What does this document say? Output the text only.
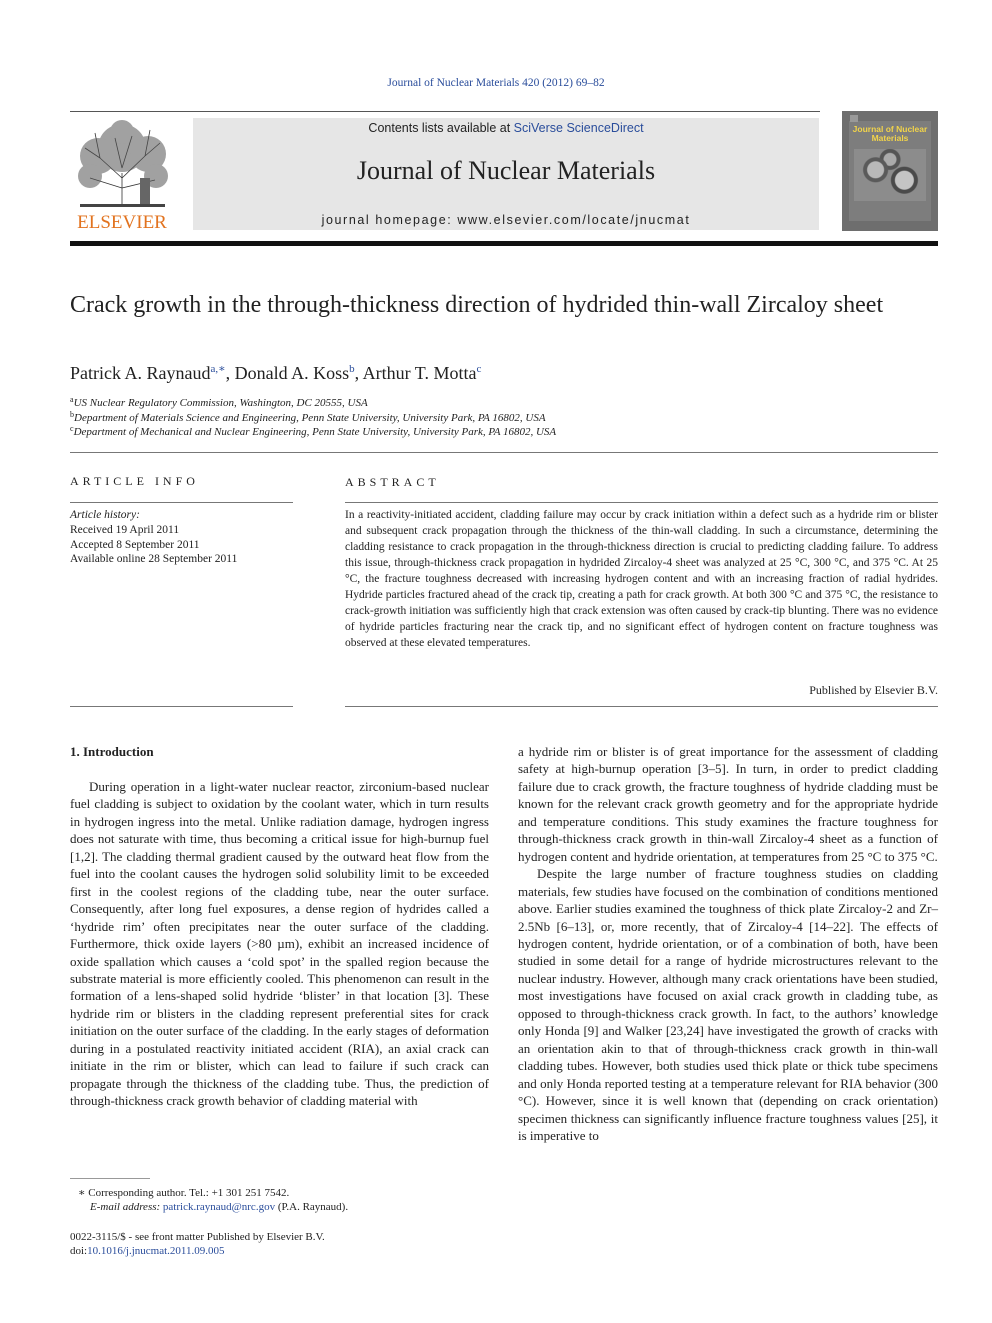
Journal of Nuclear Materials 420 (2012) 69–82
ELSEVIER
Contents lists available at SciVerse ScienceDirect
Journal of Nuclear Materials
journal homepage: www.elsevier.com/locate/jnucmat
Journal of Nuclear Materials
Crack growth in the through-thickness direction of hydrided thin-wall Zircaloy sheet
Patrick A. Raynaud$^{a,∗}$, Donald A. Koss$^b$, Arthur T. Motta$^c$
$^a$US Nuclear Regulatory Commission, Washington, DC 20555, USA
$^b$Department of Materials Science and Engineering, Penn State University, University Park, PA 16802, USA
$^c$Department of Mechanical and Nuclear Engineering, Penn State University, University Park, PA 16802, USA
ARTICLE INFO
Article history:
Received 19 April 2011
Accepted 8 September 2011
Available online 28 September 2011
ABSTRACT
In a reactivity-initiated accident, cladding failure may occur by crack initiation within a defect such as a hydride rim or blister and subsequent crack propagation through the thickness of the thin-wall cladding. In such a circumstance, determining the cladding resistance to crack propagation in the through-thickness direction is crucial to predicting cladding failure. To address this issue, through-thickness crack propagation in hydrided Zircaloy-4 sheet was analyzed at 25 °C, 300 °C, and 375 °C. At 25 °C, the fracture toughness decreased with increasing hydrogen content and with an increasing fraction of radial hydrides. Hydride particles fractured ahead of the crack tip, creating a path for crack growth. At both 300 °C and 375 °C, the resistance to crack-growth initiation was sufficiently high that crack extension was often caused by crack-tip blunting. There was no evidence of hydride particles fracturing near the crack tip, and no significant effect of hydrogen content on fracture toughness was observed at these elevated temperatures.
Published by Elsevier B.V.
1. Introduction

During operation in a light-water nuclear reactor, zirconium-based nuclear fuel cladding is subject to oxidation by the coolant water, which in turn results in hydrogen ingress into the metal. Unlike radiation damage, hydrogen ingress does not saturate with time, thus becoming a critical issue for high-burnup fuel [1,2]. The cladding thermal gradient caused by the outward heat flow from the fuel into the coolant causes the hydrogen solid solubility limit to be exceeded first in the coolest regions of the cladding tube, near the outer surface. Consequently, after long fuel exposures, a dense region of hydrides called a ‘hydride rim’ often precipitates near the outer surface of the cladding. Furthermore, thick oxide layers (>80 µm), exhibit an increased incidence of oxide spallation which causes a ‘cold spot’ in the spalled region because the substrate material is more efficiently cooled. This phenomenon can result in the formation of a lens-shaped solid hydride ‘blister’ in that location [3]. These hydride rim or blisters in the cladding represent preferential sites for crack initiation on the outer surface of the cladding. In the early stages of deformation during in a postulated reactivity initiated accident (RIA), an axial crack can initiate in the rim or blister, which can lead to failure if such crack can propagate through the thickness of the cladding tube. Thus, the prediction of through-thickness crack growth behavior of cladding material with

a hydride rim or blister is of great importance for the assessment of cladding safety at high-burnup operation [3–5]. In turn, in order to predict cladding failure due to crack growth, the fracture toughness of hydride cladding must be known for the relevant crack growth geometry and for the appropriate hydride and temperature conditions. This study examines the fracture toughness for through-thickness crack growth in thin-wall Zircaloy-4 sheet as a function of hydrogen content and hydride orientation, at temperatures from 25 °C to 375 °C.

Despite the large number of fracture toughness studies on cladding materials, few studies have focused on the combination of conditions mentioned above. Earlier studies examined the toughness of thick plate Zircaloy-2 and Zr–2.5Nb [6–13], or, more recently, that of Zircaloy-4 [14–22]. The effects of hydrogen content, hydride orientation, or of a combination of both, have been studied in some detail for a range of hydride microstructures relevant to the nuclear industry. However, although many crack orientations have been studied, most investigations have focused on axial crack growth in cladding tube, as opposed to through-thickness crack growth. In fact, to the authors’ knowledge only Honda [9] and Walker [23,24] have investigated the growth of cracks with an orientation akin to that of through-thickness crack growth in thin-wall cladding tubes. However, both studies used thick plate or thick tube specimens and only Honda reported testing at a temperature relevant for RIA behavior (300 °C). However, since it is well known that (depending on crack orientation) specimen thickness can significantly influence fracture toughness values [25], it is imperative to

∗ Corresponding author. Tel.: +1 301 251 7542.
E-mail address: patrick.raynaud@nrc.gov (P.A. Raynaud).
0022-3115/$ - see front matter Published by Elsevier B.V.
doi:10.1016/j.jnucmat.2011.09.005
